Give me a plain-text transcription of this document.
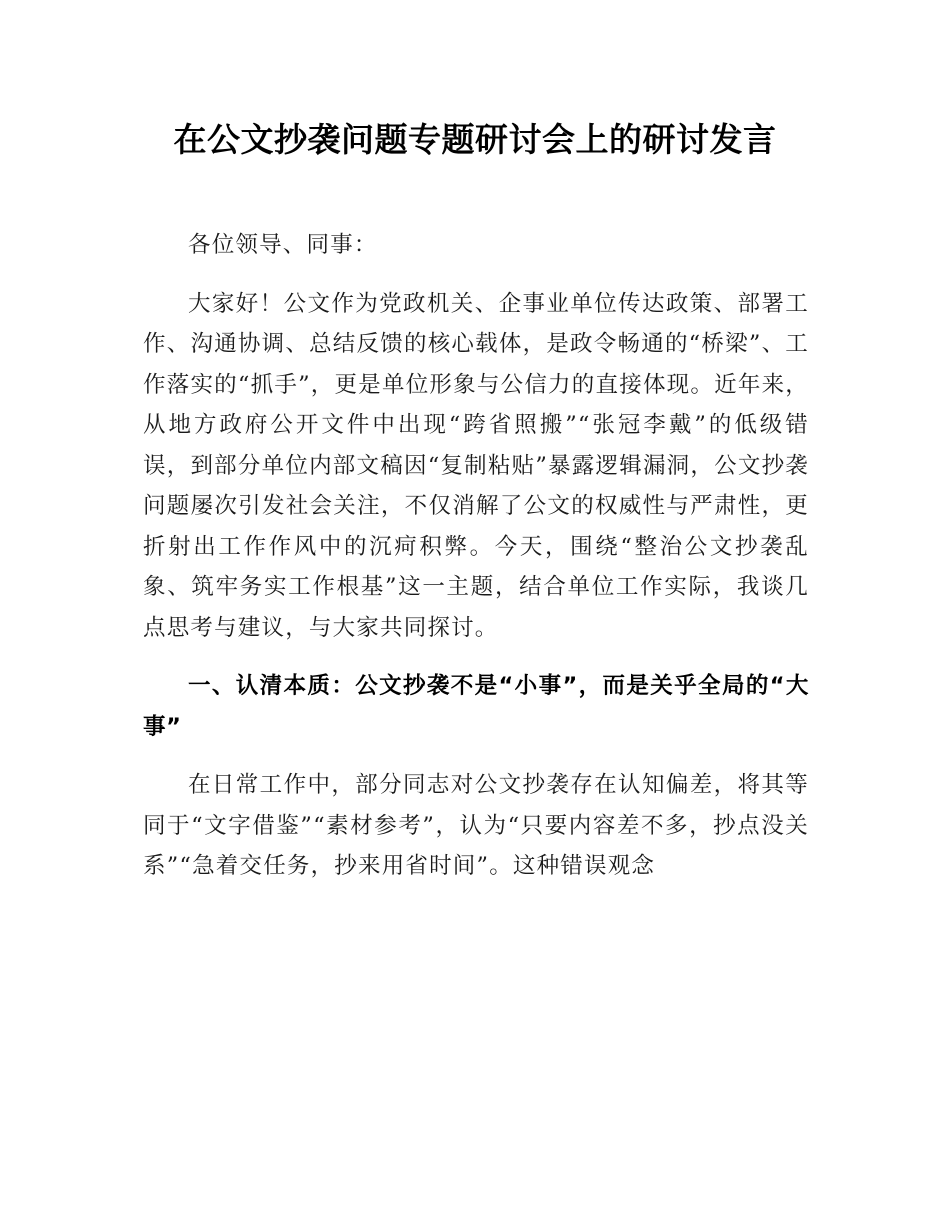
在公文抄袭问题专题研讨会上的研讨发言

各位领导、同事：

大家好！公文作为党政机关、企事业单位传达政策、部署工作、沟通协调、总结反馈的核心载体，是政令畅通的“桥梁”、工作落实的“抓手”，更是单位形象与公信力的直接体现。近年来，从地方政府公开文件中出现“跨省照搬”“张冠李戴”的低级错误，到部分单位内部文稿因“复制粘贴”暴露逻辑漏洞，公文抄袭问题屡次引发社会关注，不仅消解了公文的权威性与严肃性，更折射出工作作风中的沉疴积弊。今天，围绕“整治公文抄袭乱象、筑牢务实工作根基”这一主题，结合单位工作实际，我谈几点思考与建议，与大家共同探讨。

一、认清本质：公文抄袭不是“小事”，而是关乎全局的“大事”

在日常工作中，部分同志对公文抄袭存在认知偏差，将其等同于“文字借鉴”“素材参考”，认为“只要内容差不多，抄点没关系”“急着交任务，抄来用省时间”。这种错误观念
